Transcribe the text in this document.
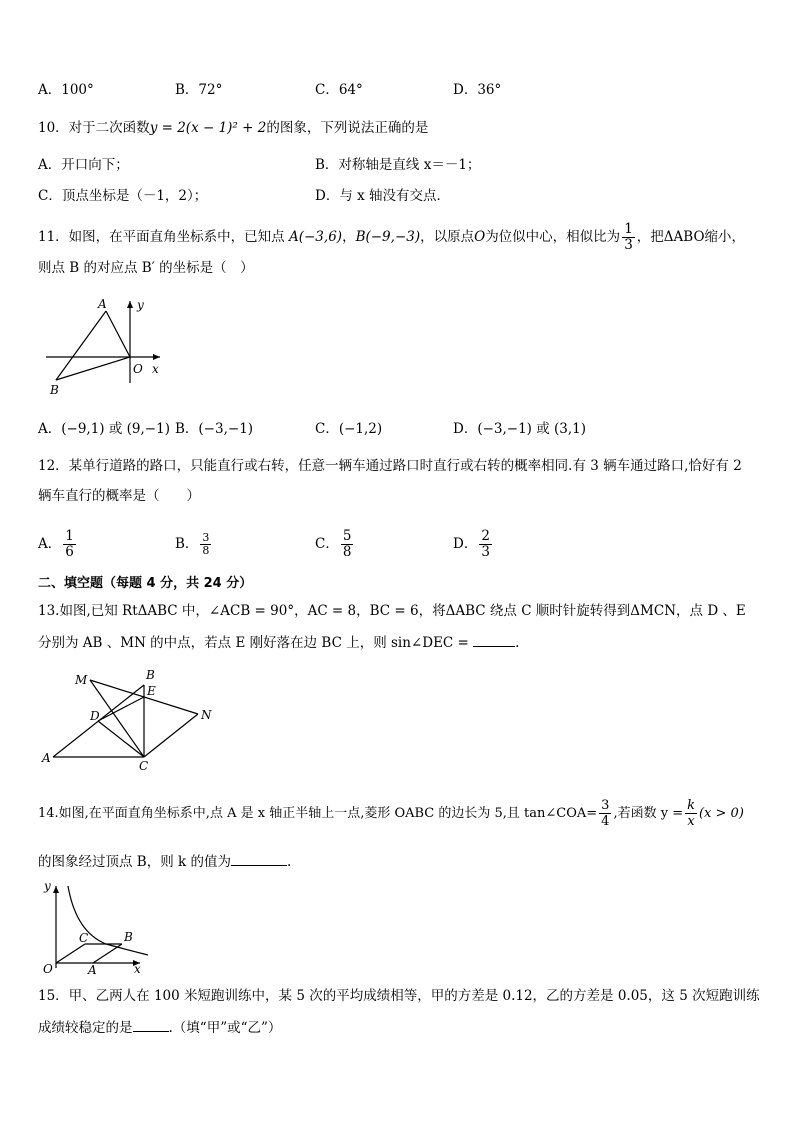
A．100°	B．72°	C．64°	D．36°
10．对于二次函数y = 2(x − 1)² + 2的图象，下列说法正确的是
A．开口向下；	B．对称轴是直线 x＝－1；
C．顶点坐标是（－1，2）；	D．与 x 轴没有交点．
11．如图，在平面直角坐标系中，已知点 A(−3,6)，B(−9,−3)，以原点O为位似中心，相似比为 $\frac{1}{3}$ ，把ΔABO缩小，
则点 B 的对应点 B′ 的坐标是（　）
A	y
O x
B
A．(−9,1) 或 (9,−1) B．(−3,−1)	C．(−1,2)	D．(−3,−1) 或 (3,1)
12．某单行道路的路口，只能直行或右转，任意一辆车通过路口时直行或右转的概率相同.有 3 辆车通过路口,恰好有 2
辆车直行的概率是（　　）
A． $\frac{1}{6}$	B． $\frac{3}{8}$	C． $\frac{5}{8}$	D． $\frac{2}{3}$
二、填空题（每题 4 分，共 24 分）
13.如图,已知 RtΔABC 中，∠ACB = 90°，AC = 8，BC = 6，将ΔABC 绕点 C 顺时针旋转得到ΔMCN，点 D 、E
分别为 AB 、MN 的中点，若点 E 刚好落在边 BC 上，则 sin∠DEC =	.
M	B
E
D	N
A
C
14.如图,在平面直角坐标系中,点 A 是 x 轴正半轴上一点,菱形 OABC 的边长为 5,且 tan∠COA= $\frac{3}{4}$ ,若函数 $y = \frac{k}{x} (x > 0)$
的图象经过顶点 B，则 k 的值为	.
y
C	B
O	A	x
15．甲、乙两人在 100 米短跑训练中，某 5 次的平均成绩相等，甲的方差是 0.12，乙的方差是 0.05，这 5 次短跑训练
成绩较稳定的是	.（填“甲”或“乙”）
